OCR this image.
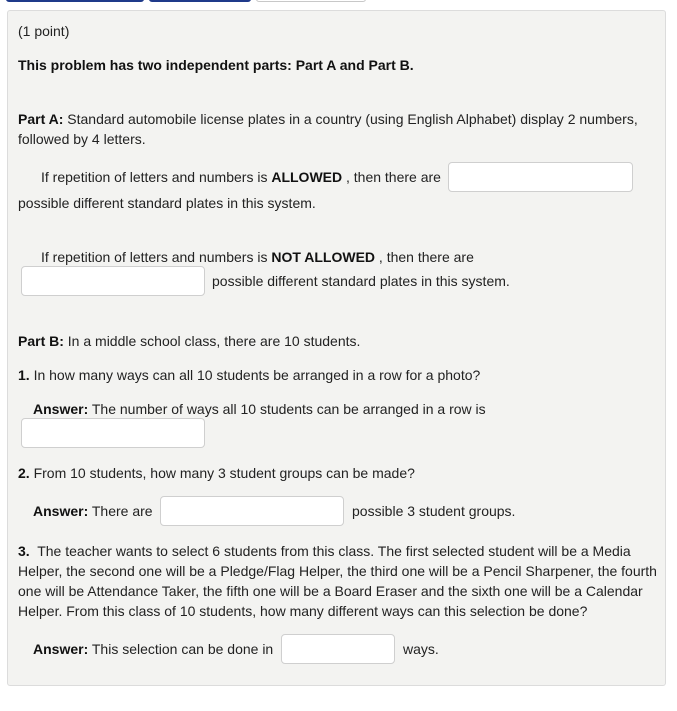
(1 point)
This problem has two independent parts: Part A and Part B.
Part A: Standard automobile license plates in a country (using English Alphabet) display 2 numbers,
followed by 4 letters.
If repetition of letters and numbers is ALLOWED , then there are
possible different standard plates in this system.
If repetition of letters and numbers is NOT ALLOWED , then there are
possible different standard plates in this system.
Part B: In a middle school class, there are 10 students.
1. In how many ways can all 10 students be arranged in a row for a photo?
Answer: The number of ways all 10 students can be arranged in a row is
2. From 10 students, how many 3 student groups can be made?
Answer: There are	possible 3 student groups.
3. The teacher wants to select 6 students from this class. The first selected student will be a Media
Helper, the second one will be a Pledge/Flag Helper, the third one will be a Pencil Sharpener, the fourth
one will be Attendance Taker, the fifth one will be a Board Eraser and the sixth one will be a Calendar
Helper. From this class of 10 students, how many different ways can this selection be done?
Answer: This selection can be done in	ways.
